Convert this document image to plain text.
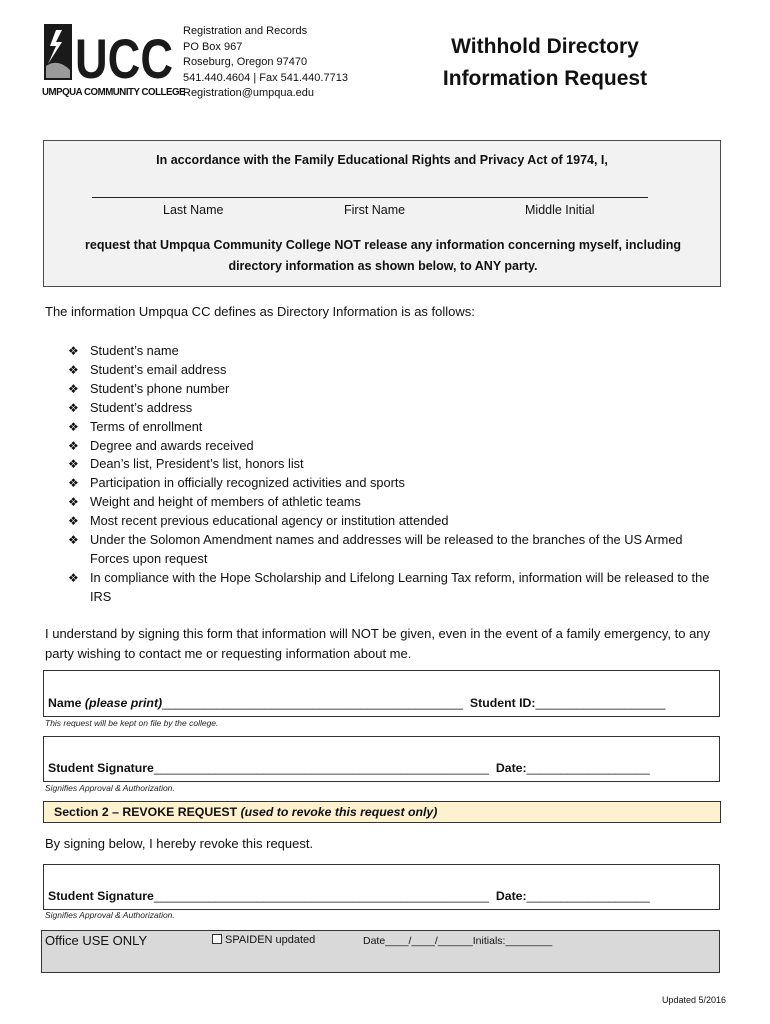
UCC
UMPQUA COMMUNITY COLLEGE
Registration and Records
PO Box 967
Roseburg, Oregon 97470
541.440.4604 | Fax 541.440.7713
Registration@umpqua.edu
Withhold Directory
Information Request
In accordance with the Family Educational Rights and Privacy Act of 1974, I,
Last Name	First Name	Middle Initial
request that Umpqua Community College NOT release any information concerning myself, including directory information as shown below, to ANY party.
The information Umpqua CC defines as Directory Information is as follows:
❖ Student’s name
❖ Student’s email address
❖ Student’s phone number
❖ Student’s address
❖ Terms of enrollment
❖ Degree and awards received
❖ Dean’s list, President’s list, honors list
❖ Participation in officially recognized activities and sports
❖ Weight and height of members of athletic teams
❖ Most recent previous educational agency or institution attended
❖ Under the Solomon Amendment names and addresses will be released to the branches of the US Armed Forces upon request
❖ In compliance with the Hope Scholarship and Lifelong Learning Tax reform, information will be released to the IRS
I understand by signing this form that information will NOT be given, even in the event of a family emergency, to any party wishing to contact me or requesting information about me.
Name (please print)____________________________________________ Student ID:___________________
This request will be kept on file by the college.
Student Signature_________________________________________________ Date:__________________
Signifies Approval & Authorization.
Section 2 – REVOKE REQUEST (used to revoke this request only)
By signing below, I hereby revoke this request.
Student Signature_________________________________________________ Date:__________________
Signifies Approval & Authorization.
Office USE ONLY	SPAIDEN updated	Date____/____/______Initials:________
Updated 5/2016
